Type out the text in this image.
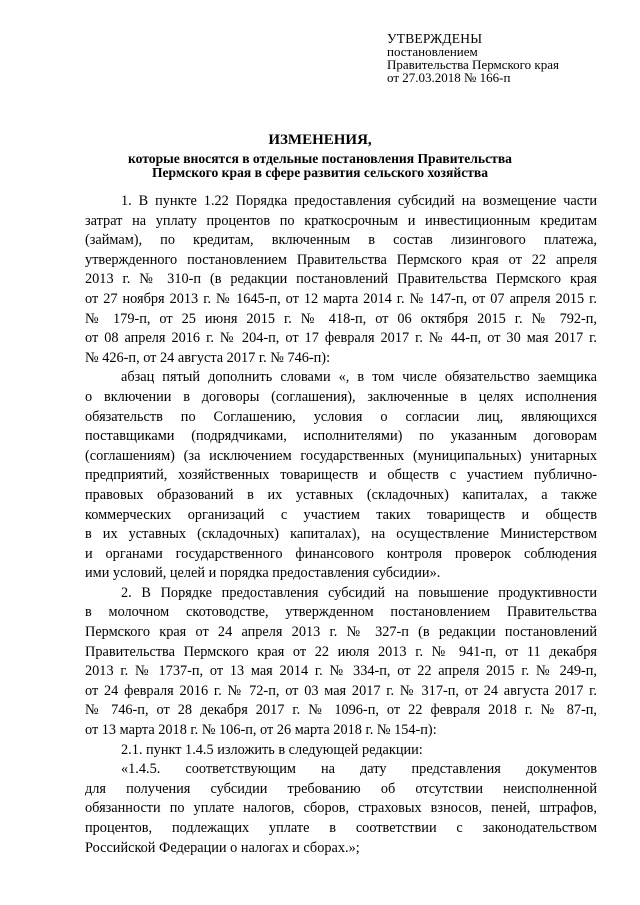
УТВЕРЖДЕНЫ
постановлением
Правительства Пермского края
от 27.03.2018 № 166-п
ИЗМЕНЕНИЯ,
которые вносятся в отдельные постановления Правительства
Пермского края в сфере развития сельского хозяйства
1. В пункте 1.22 Порядка предоставления субсидий на возмещение части
затрат на уплату процентов по краткосрочным и инвестиционным кредитам
(займам), по кредитам, включенным в состав лизингового платежа,
утвержденного постановлением Правительства Пермского края от 22 апреля
2013 г. № 310-п (в редакции постановлений Правительства Пермского края
от 27 ноября 2013 г. № 1645-п, от 12 марта 2014 г. № 147-п, от 07 апреля 2015 г.
№ 179-п, от 25 июня 2015 г. № 418-п, от 06 октября 2015 г. № 792-п,
от 08 апреля 2016 г. № 204-п, от 17 февраля 2017 г. № 44-п, от 30 мая 2017 г.
№ 426-п, от 24 августа 2017 г. № 746-п):
абзац пятый дополнить словами «, в том числе обязательство заемщика
о включении в договоры (соглашения), заключенные в целях исполнения
обязательств по Соглашению, условия о согласии лиц, являющихся
поставщиками (подрядчиками, исполнителями) по указанным договорам
(соглашениям) (за исключением государственных (муниципальных) унитарных
предприятий, хозяйственных товариществ и обществ с участием публично-
правовых образований в их уставных (складочных) капиталах, а также
коммерческих организаций с участием таких товариществ и обществ
в их уставных (складочных) капиталах), на осуществление Министерством
и органами государственного финансового контроля проверок соблюдения
ими условий, целей и порядка предоставления субсидии».
2. В Порядке предоставления субсидий на повышение продуктивности
в молочном скотоводстве, утвержденном постановлением Правительства
Пермского края от 24 апреля 2013 г. № 327-п (в редакции постановлений
Правительства Пермского края от 22 июля 2013 г. № 941-п, от 11 декабря
2013 г. № 1737-п, от 13 мая 2014 г. № 334-п, от 22 апреля 2015 г. № 249-п,
от 24 февраля 2016 г. № 72-п, от 03 мая 2017 г. № 317-п, от 24 августа 2017 г.
№ 746-п, от 28 декабря 2017 г. № 1096-п, от 22 февраля 2018 г. № 87-п,
от 13 марта 2018 г. № 106-п, от 26 марта 2018 г. № 154-п):
2.1. пункт 1.4.5 изложить в следующей редакции:
«1.4.5. соответствующим на дату представления документов
для получения субсидии требованию об отсутствии неисполненной
обязанности по уплате налогов, сборов, страховых взносов, пеней, штрафов,
процентов, подлежащих уплате в соответствии с законодательством
Российской Федерации о налогах и сборах.»;
